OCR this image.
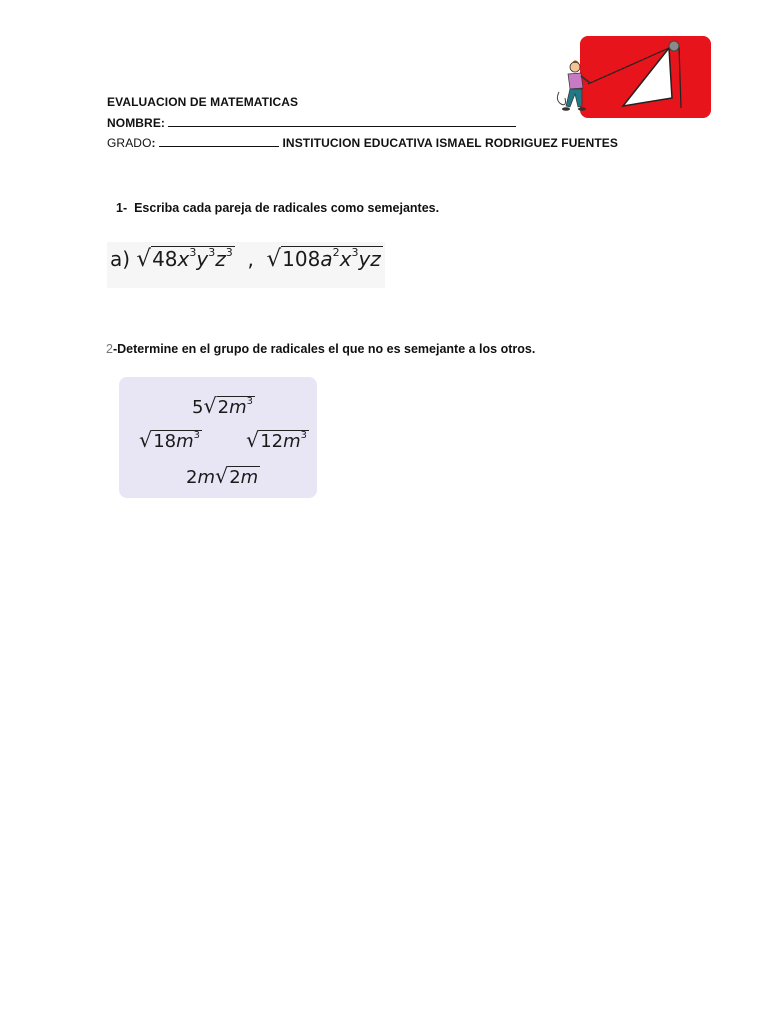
EVALUACION DE MATEMATICAS
NOMBRE:
GRADO:	INSTITUCION EDUCATIVA ISMAEL RODRIGUEZ FUENTES
1- Escriba cada pareja de radicales como semejantes.
a) $√48x^3y^3z^3$ , $√108a^2x^3yz$
2-Determine en el grupo de radicales el que no es semejante a los otros.
$5√2m^3$
$√18m^3$ $√12m^3$
2m√2m
